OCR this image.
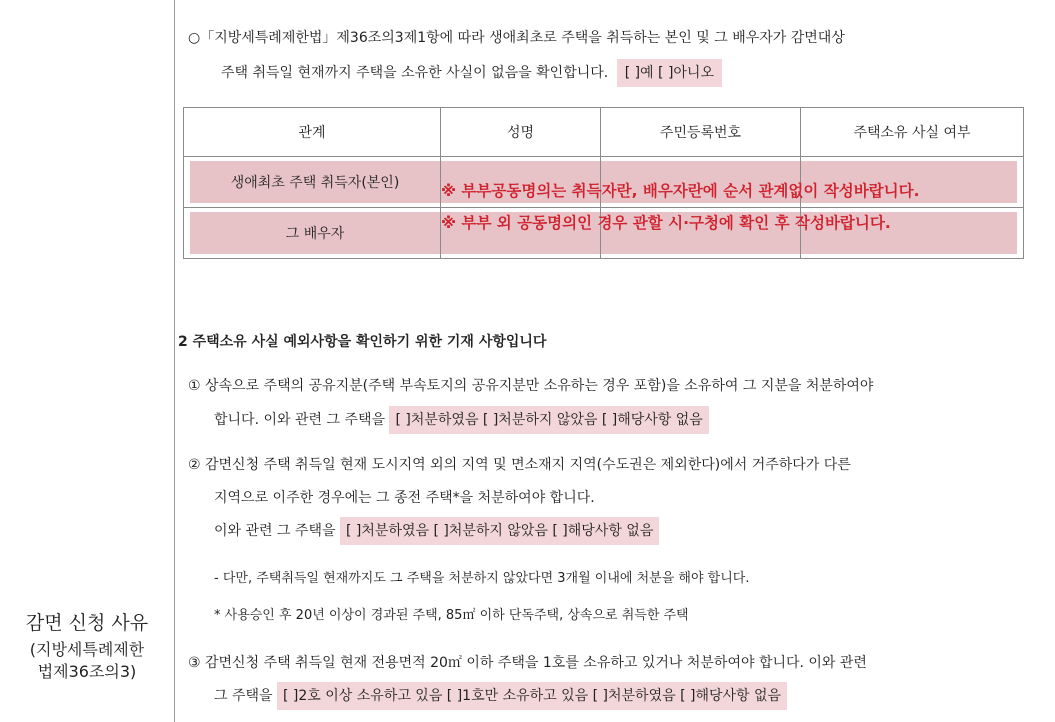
○「지방세특례제한법」제36조의3제1항에 따라 생애최초로 주택을 취득하는 본인 및 그 배우자가 감면대상
주택 취득일 현재까지 주택을 소유한 사실이 없음을 확인합니다. [ ]예 [ ]아니오
관계	성명	주민등록번호	주택소유 사실 여부

생애최초 주택 취득자(본인)			

그 배우자			

※ 부부공동명의는 취득자란, 배우자란에 순서 관계없이 작성바랍니다.
※ 부부 외 공동명의인 경우 관할 시·구청에 확인 후 작성바랍니다.
2 주택소유 사실 예외사항을 확인하기 위한 기재 사항입니다
① 상속으로 주택의 공유지분(주택 부속토지의 공유지분만 소유하는 경우 포함)을 소유하여 그 지분을 처분하여야
합니다. 이와 관련 그 주택을 [ ]처분하였음 [ ]처분하지 않았음 [ ]해당사항 없음
② 감면신청 주택 취득일 현재 도시지역 외의 지역 및 면소재지 지역(수도권은 제외한다)에서 거주하다가 다른
지역으로 이주한 경우에는 그 종전 주택*을 처분하여야 합니다.
이와 관련 그 주택을 [ ]처분하였음 [ ]처분하지 않았음 [ ]해당사항 없음
- 다만, 주택취득일 현재까지도 그 주택을 처분하지 않았다면 3개월 이내에 처분을 해야 합니다.
* 사용승인 후 20년 이상이 경과된 주택, 85㎡ 이하 단독주택, 상속으로 취득한 주택
③ 감면신청 주택 취득일 현재 전용면적 20㎡ 이하 주택을 1호를 소유하고 있거나 처분하여야 합니다. 이와 관련
그 주택을 [ ]2호 이상 소유하고 있음 [ ]1호만 소유하고 있음 [ ]처분하였음 [ ]해당사항 없음
감면 신청 사유
(지방세특례제한
법제36조의3)
